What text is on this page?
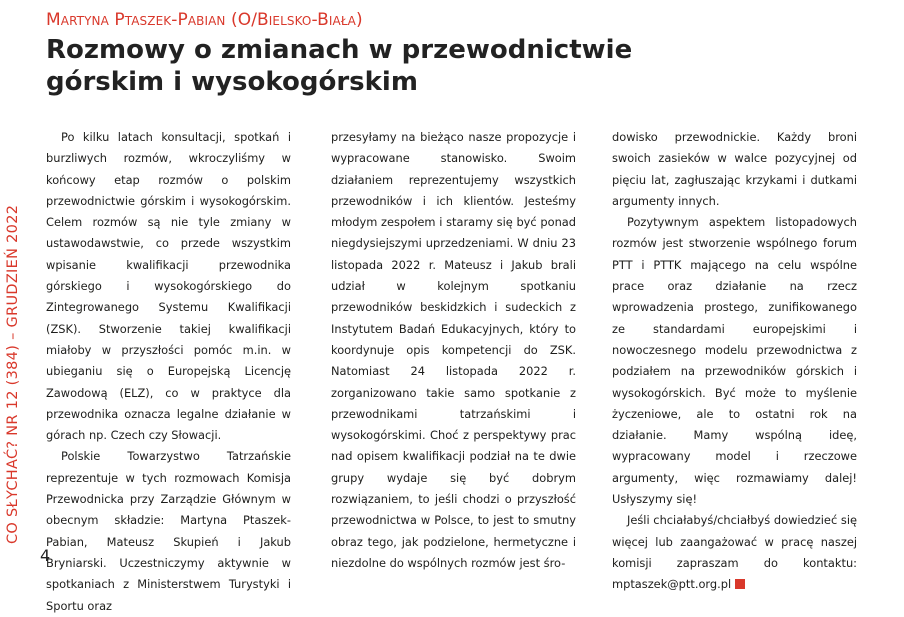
Martyna Ptaszek-Pabian (O/Bielsko-Biała)
Rozmowy o zmianach w przewodnictwie
górskim i wysokogórskim

Po kilku latach konsultacji, spotkań i burzliwych rozmów, wkroczyliśmy w końcowy etap rozmów o polskim przewodnictwie górskim i wysokogórskim. Celem rozmów są nie tyle zmiany w ustawodawstwie, co przede wszystkim wpisanie kwalifikacji przewodnika górskiego i wysokogórskiego do Zintegrowanego Systemu Kwalifikacji (ZSK). Stworzenie takiej kwalifikacji miałoby w przyszłości pomóc m.in. w ubieganiu się o Europejską Licencję Zawodową (ELZ), co w praktyce dla przewodnika oznacza legalne działanie w górach np. Czech czy Słowacji.

Polskie Towarzystwo Tatrzańskie reprezentuje w tych rozmowach Komisja Przewodnicka przy Zarządzie Głównym w obecnym składzie: Martyna Ptaszek-Pabian, Mateusz Skupień i Jakub Bryniarski. Uczestniczymy aktywnie w spotkaniach z Ministerstwem Turystyki i Sportu oraz

przesyłamy na bieżąco nasze propozycje i wypracowane stanowisko. Swoim działaniem reprezentujemy wszystkich przewodników i ich klientów. Jesteśmy młodym zespołem i staramy się być ponad niegdysiejszymi uprzedzeniami. W dniu 23 listopada 2022 r. Mateusz i Jakub brali udział w kolejnym spotkaniu przewodników beskidzkich i sudeckich z Instytutem Badań Edukacyjnych, który to koordynuje opis kompetencji do ZSK. Natomiast 24 listopada 2022 r. zorganizowano takie samo spotkanie z przewodnikami tatrzańskimi i wysokogórskimi. Choć z perspektywy prac nad opisem kwalifikacji podział na te dwie grupy wydaje się być dobrym rozwiązaniem, to jeśli chodzi o przyszłość przewodnictwa w Polsce, to jest to smutny obraz tego, jak podzielone, hermetyczne i niezdolne do wspólnych rozmów jest śro-

dowisko przewodnickie. Każdy broni swoich zasieków w walce pozycyjnej od pięciu lat, zagłuszając krzykami i dutkami argumenty innych.

Pozytywnym aspektem listopadowych rozmów jest stworzenie wspólnego forum PTT i PTTK mającego na celu wspólne prace oraz działanie na rzecz wprowadzenia prostego, zunifikowanego ze standardami europejskimi i nowoczesnego modelu przewodnictwa z podziałem na przewodników górskich i wysokogórskich. Być może to myślenie życzeniowe, ale to ostatni rok na działanie. Mamy wspólną ideę, wypracowany model i rzeczowe argumenty, więc rozmawiamy dalej! Usłyszymy się!

Jeśli chciałabyś/chciałbyś dowiedzieć się więcej lub zaangażować w pracę naszej komisji zapraszam do kontaktu: mptaszek@ptt.org.pl

CO SŁYCHAĆ? NR 12 (384) – GRUDZIEŃ 2022
4
